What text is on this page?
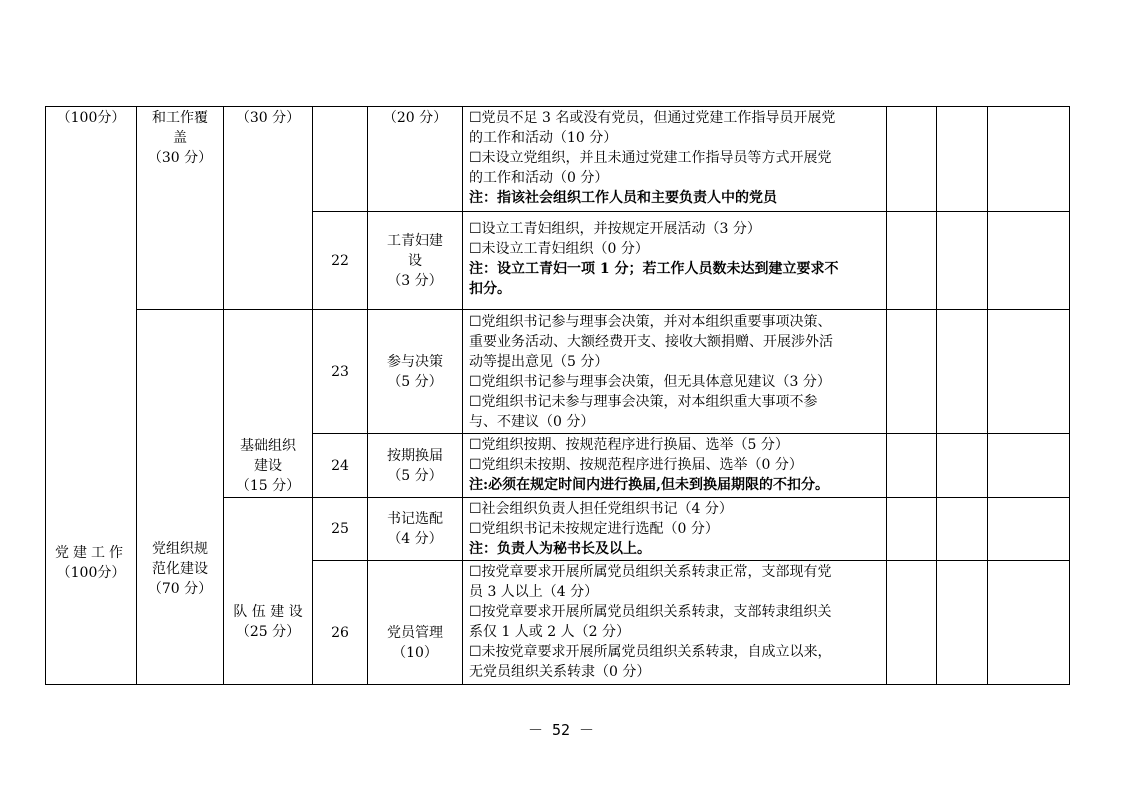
（100分）
党建工作
（100分）
和工作覆
盖
（30 分）
党组织规
范化建设
（70 分）
（30 分）
基础组织
建设
（15 分）
队 伍 建 设
（25 分）
（20 分） ☐党员不足 3 名或没有党员，但通过党建工作指导员开展党
的工作和活动（10 分）
☐未设立党组织，并且未通过党建工作指导员等方式开展党
的工作和活动（0 分）
注：指该社会组织工作人员和主要负责人中的党员
22
工青妇建
设
（3 分）
☐设立工青妇组织，并按规定开展活动（3 分）
☐未设立工青妇组织（0 分）
注：设立工青妇一项 1 分；若工作人员数未达到建立要求不
扣分。
23
参与决策
（5 分）
☐党组织书记参与理事会决策，并对本组织重要事项决策、
重要业务活动、大额经费开支、接收大额捐赠、开展涉外活
动等提出意见（5 分）
☐党组织书记参与理事会决策，但无具体意见建议（3 分）
☐党组织书记未参与理事会决策，对本组织重大事项不参
与、不建议（0 分）
24
按期换届
（5 分）
☐党组织按期、按规范程序进行换届、选举（5 分）
☐党组织未按期、按规范程序进行换届、选举（0 分）
注:必须在规定时间内进行换届,但未到换届期限的不扣分。
25
书记选配
（4 分）
☐社会组织负责人担任党组织书记（4 分）
☐党组织书记未按规定进行选配（0 分）
注：负责人为秘书长及以上。
26	党员管理
（10）
☐按党章要求开展所属党员组织关系转隶正常，支部现有党
员 3 人以上（4 分）
☐按党章要求开展所属党员组织关系转隶，支部转隶组织关
系仅 1 人或 2 人（2 分）
☐未按党章要求开展所属党员组织关系转隶，自成立以来，
无党员组织关系转隶（0 分）
－ 52 －
